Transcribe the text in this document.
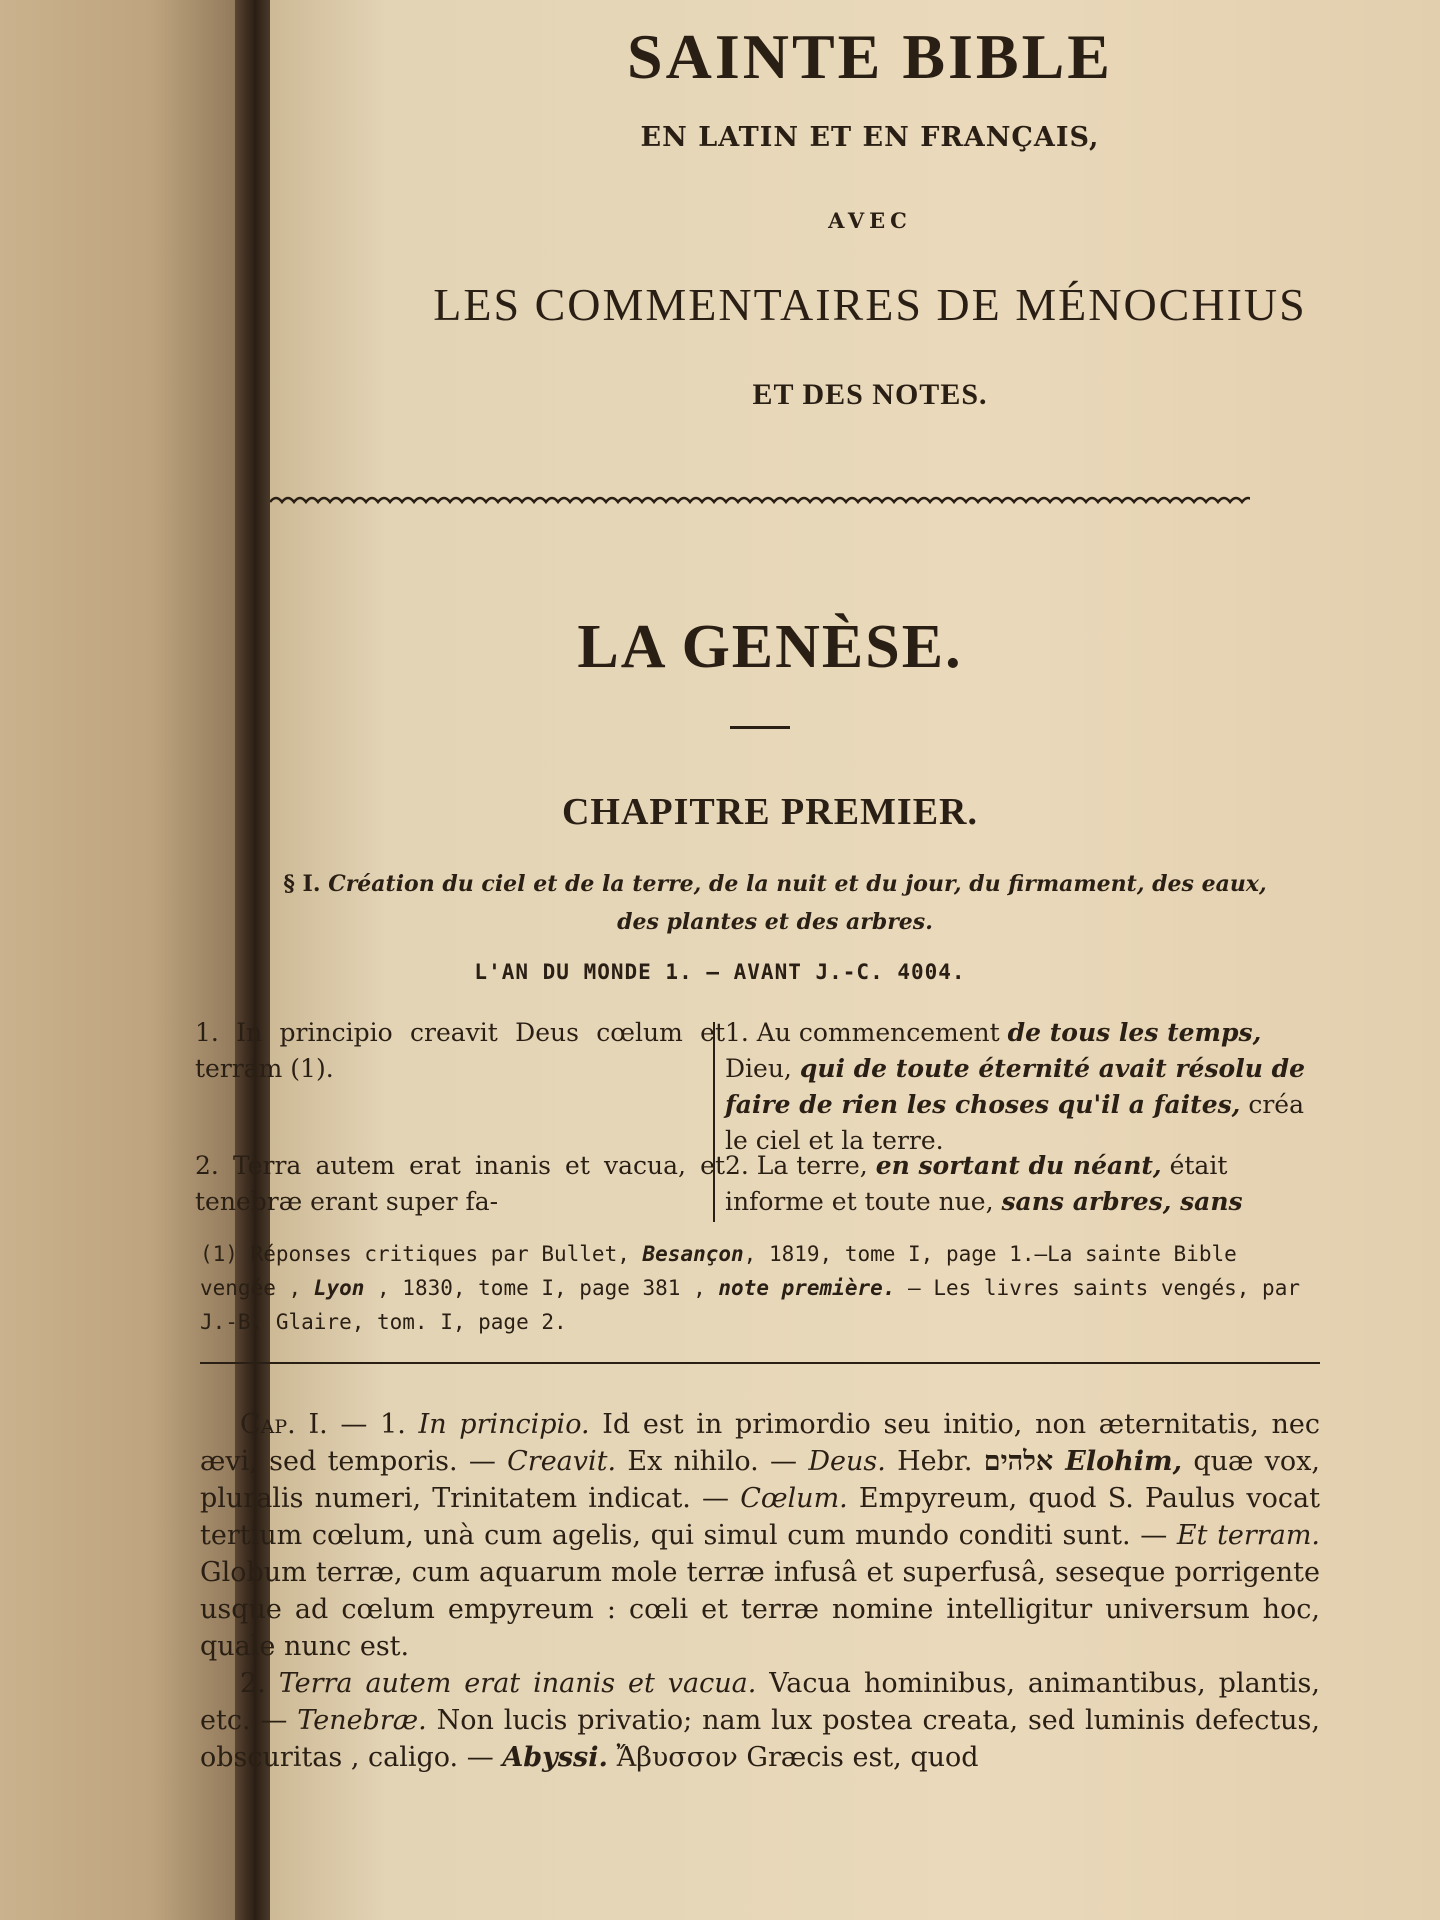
SAINTE BIBLE
EN LATIN ET EN FRANÇAIS,
AVEC
LES COMMENTAIRES DE MÉNOCHIUS
ET DES NOTES.
LA GENÈSE.
CHAPITRE PREMIER.
§ I. Création du ciel et de la terre, de la nuit et du jour, du firmament, des eaux, des plantes et des arbres.
L'AN DU MONDE 1. — AVANT J.-C. 4004.
1. In principio creavit Deus cœlum et terram (1).
2. Terra autem erat inanis et vacua, et tenebræ erant super fa-
1. Au commencement de tous les temps, Dieu, qui de toute éternité avait résolu de faire de rien les choses qu'il a faites, créa le ciel et la terre.
2. La terre, en sortant du néant, était informe et toute nue, sans arbres, sans
(1) Réponses critiques par Bullet, Besançon, 1819, tome I, page 1.—La sainte Bible vengée , Lyon , 1830, tome I, page 381 , note première. — Les livres saints vengés, par J.-B. Glaire, tom. I, page 2.
Cap. I. — 1. In principio. Id est in primordio seu initio, non æternitatis, nec ævi, sed temporis. — Creavit. Ex nihilo. — Deus. Hebr. אלהים Elohim, quæ vox, pluralis numeri, Trinitatem indicat. — Cœlum. Empyreum, quod S. Paulus vocat tertium cœlum, unà cum agelis, qui simul cum mundo conditi sunt. — Et terram. Globum terræ, cum aquarum mole terræ infusâ et superfusâ, seseque porrigente usque ad cœlum empyreum : cœli et terræ nomine intelligitur universum hoc, quale nunc est.
2. Terra autem erat inanis et vacua. Vacua hominibus, animantibus, plantis, etc. — Tenebræ. Non lucis privatio; nam lux postea creata, sed luminis defectus, obscuritas , caligo. — Abyssi. Ἄβυσσον Græcis est, quod
